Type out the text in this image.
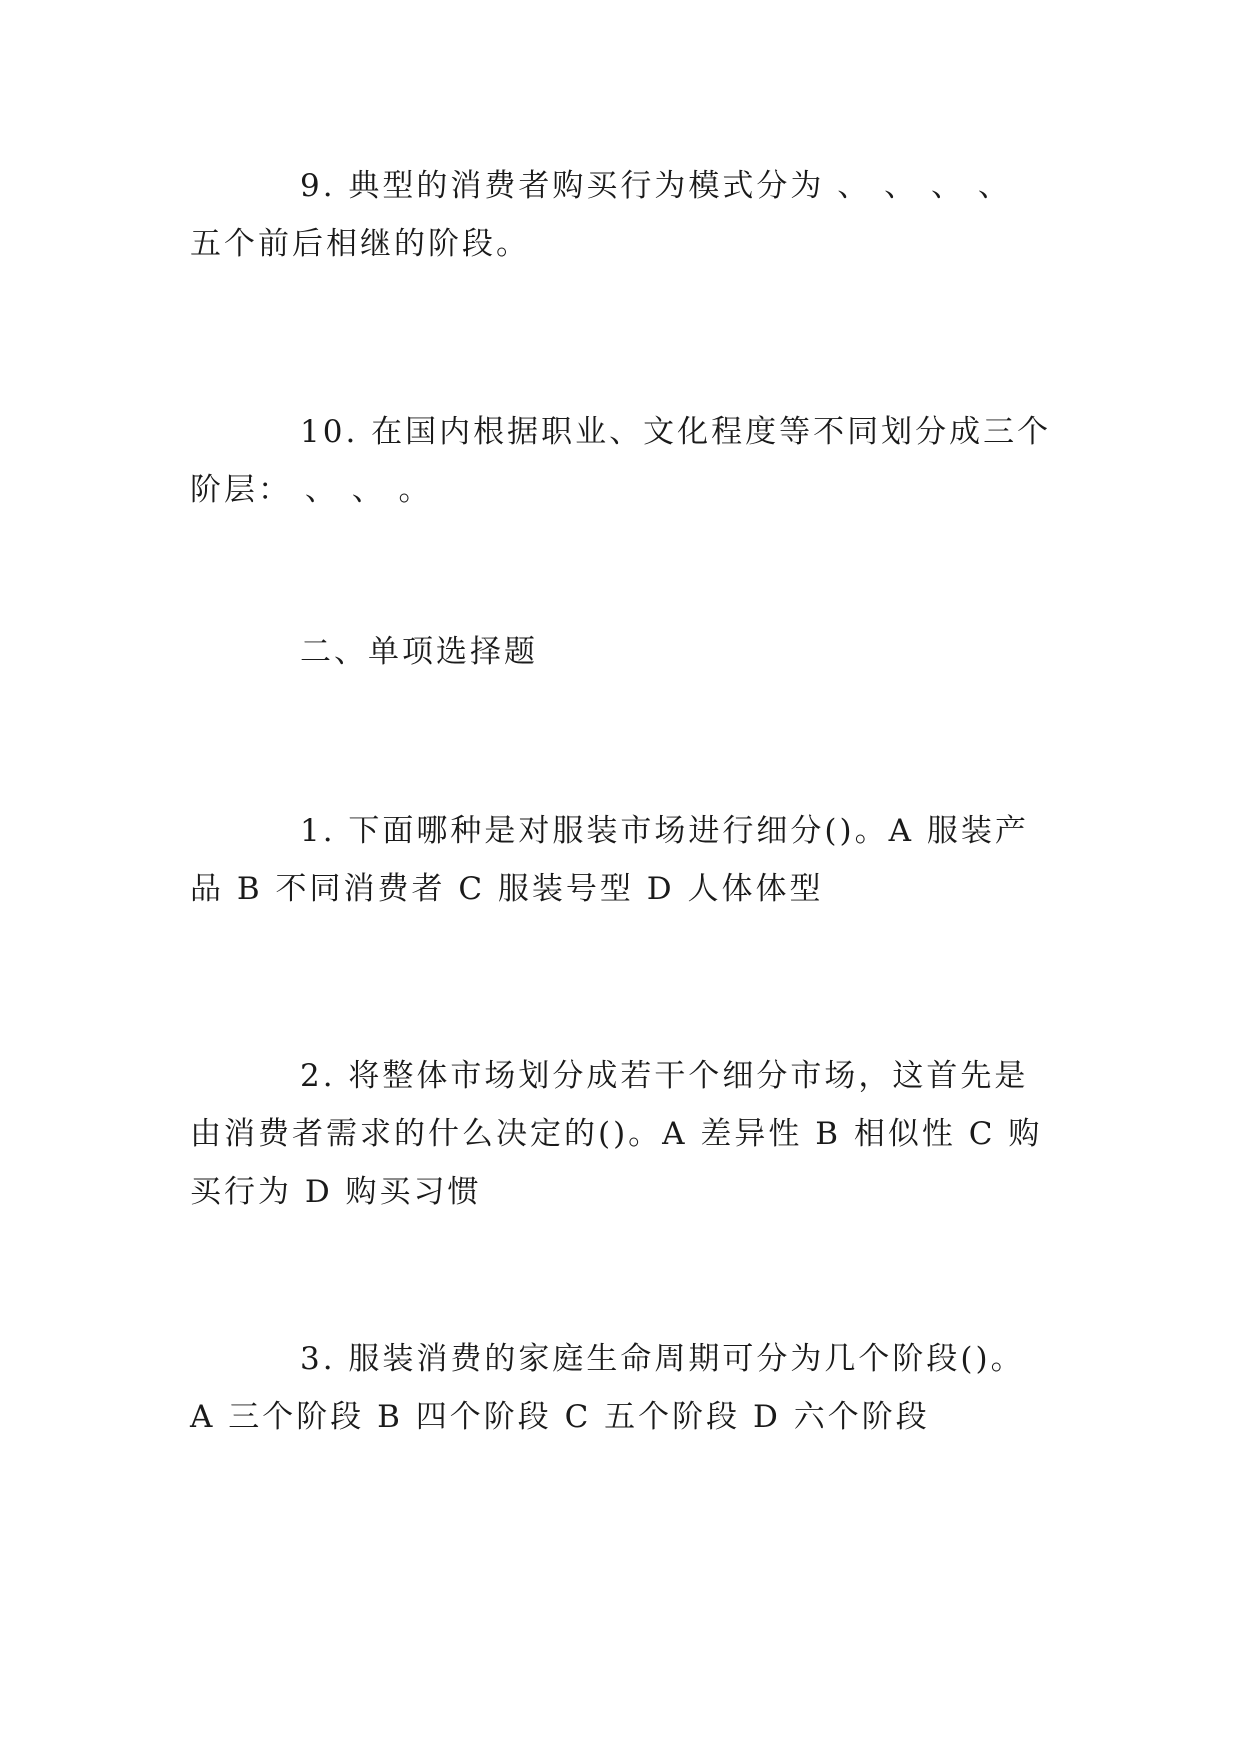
9. 典型的消费者购买行为模式分为 、 、 、 、 五个前后相继的阶段。

10. 在国内根据职业、文化程度等不同划分成三个阶层： 、 、 。

二、单项选择题

1. 下面哪种是对服装市场进行细分()。A 服装产品 B 不同消费者 C 服装号型 D 人体体型

2. 将整体市场划分成若干个细分市场，这首先是由消费者需求的什么决定的()。A 差异性 B 相似性 C 购买行为 D 购买习惯

3. 服装消费的家庭生命周期可分为几个阶段()。 A 三个阶段 B 四个阶段 C 五个阶段 D 六个阶段
